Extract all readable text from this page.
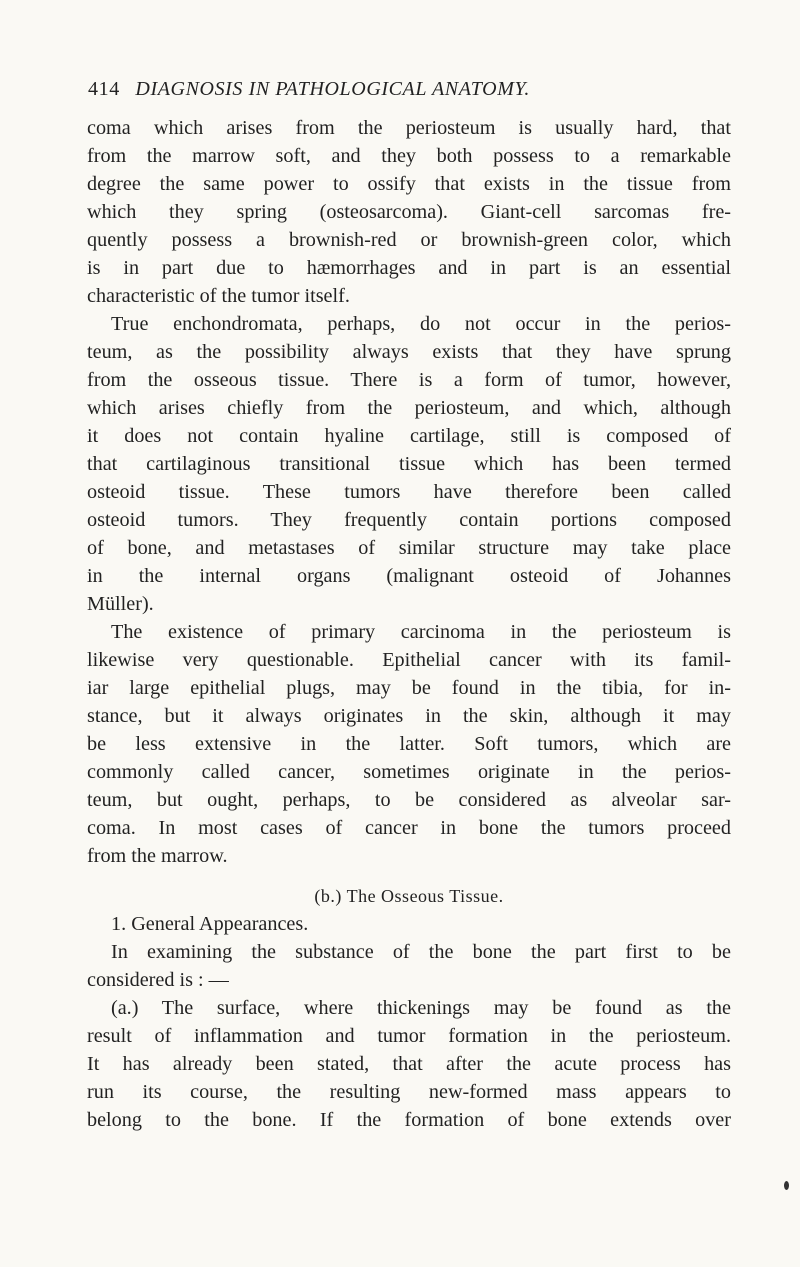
414 DIAGNOSIS IN PATHOLOGICAL ANATOMY.
coma which arises from the periosteum is usually hard, that
from the marrow soft, and they both possess to a remarkable
degree the same power to ossify that exists in the tissue from
which they spring (osteosarcoma). Giant-cell sarcomas fre-
quently possess a brownish-red or brownish-green color, which
is in part due to hæmorrhages and in part is an essential
characteristic of the tumor itself.
True enchondromata, perhaps, do not occur in the perios-
teum, as the possibility always exists that they have sprung
from the osseous tissue. There is a form of tumor, however,
which arises chiefly from the periosteum, and which, although
it does not contain hyaline cartilage, still is composed of
that cartilaginous transitional tissue which has been termed
osteoid tissue. These tumors have therefore been called
osteoid tumors. They frequently contain portions composed
of bone, and metastases of similar structure may take place
in the internal organs (malignant osteoid of Johannes
Müller).
The existence of primary carcinoma in the periosteum is
likewise very questionable. Epithelial cancer with its famil-
iar large epithelial plugs, may be found in the tibia, for in-
stance, but it always originates in the skin, although it may
be less extensive in the latter. Soft tumors, which are
commonly called cancer, sometimes originate in the perios-
teum, but ought, perhaps, to be considered as alveolar sar-
coma. In most cases of cancer in bone the tumors proceed
from the marrow.
(b.) The Osseous Tissue.
1. General Appearances.
In examining the substance of the bone the part first to be
considered is : —
(a.) The surface, where thickenings may be found as the
result of inflammation and tumor formation in the periosteum.
It has already been stated, that after the acute process has
run its course, the resulting new-formed mass appears to
belong to the bone. If the formation of bone extends over
